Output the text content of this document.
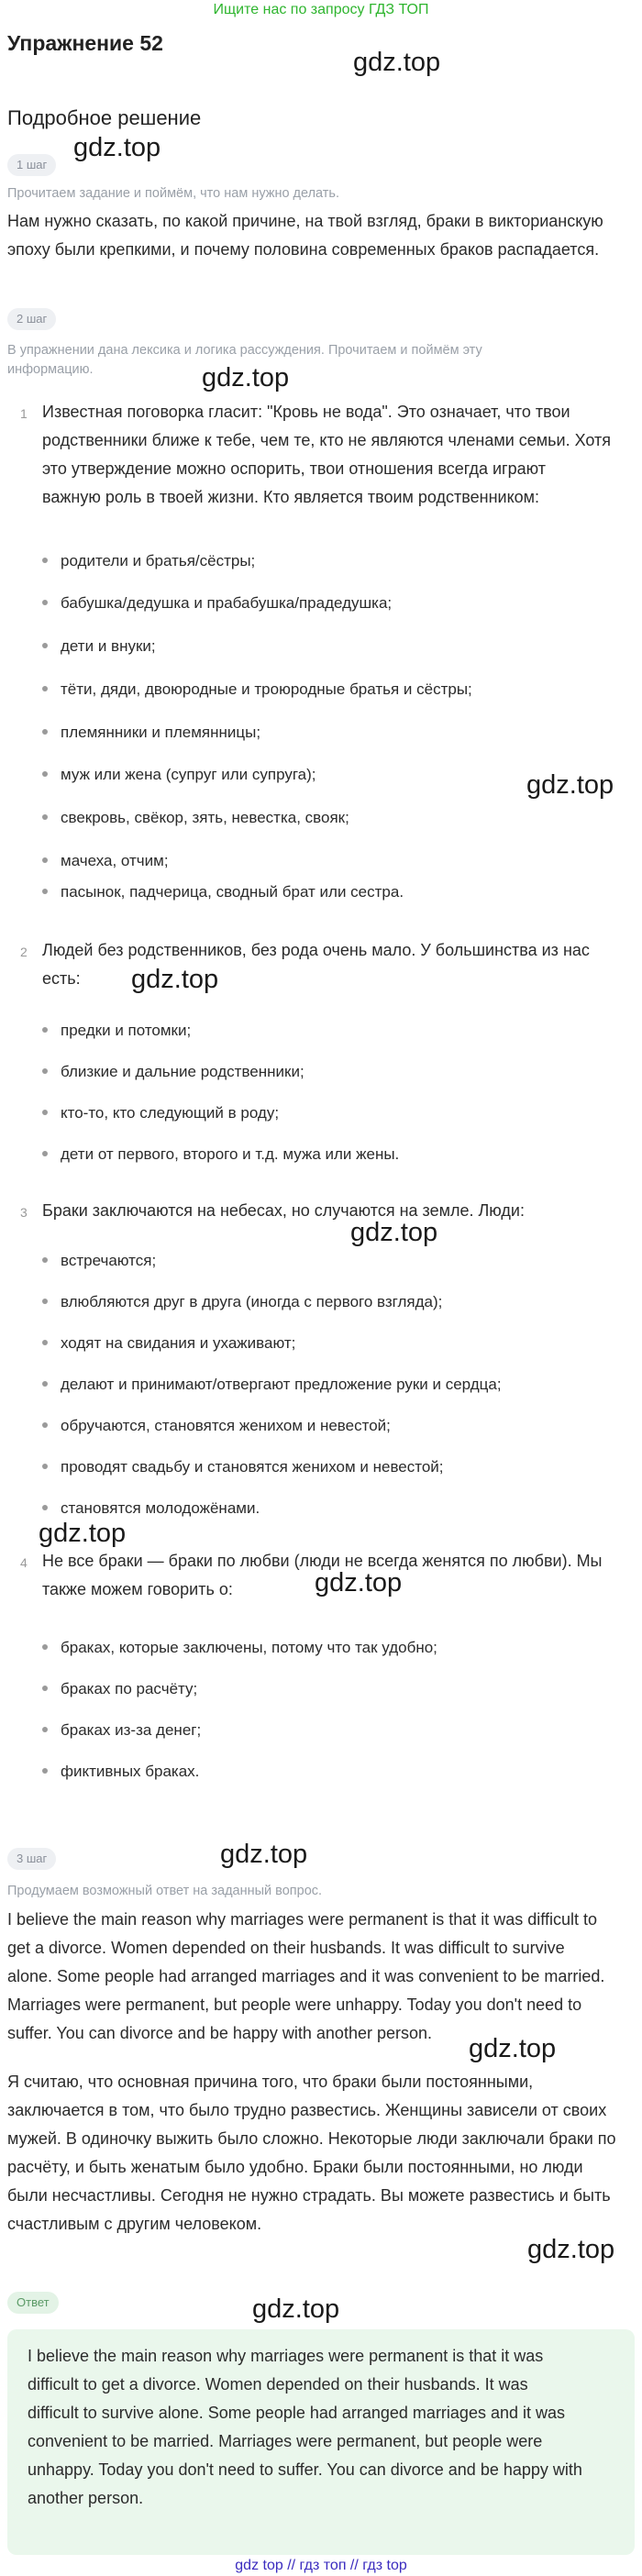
Ищите нас по запросу ГДЗ ТОП
Упражнение 52
gdz.top
Подробное решение
1 шаг
gdz.top
Прочитаем задание и поймём, что нам нужно делать.
Нам нужно сказать, по какой причине, на твой взгляд, браки в викторианскую
эпоху были крепкими, и почему половина современных браков распадается.
2 шаг
В упражнении дана лексика и логика рассуждения. Прочитаем и поймём эту
информацию.	gdz.top
1 Известная поговорка гласит: "Кровь не вода". Это означает, что твои
родственники ближе к тебе, чем те, кто не являются членами семьи. Хотя
это утверждение можно оспорить, твои отношения всегда играют
важную роль в твоей жизни. Кто является твоим родственником:
родители и братья/сёстры;
бабушка/дедушка и прабабушка/прадедушка;
дети и внуки;
тёти, дяди, двоюродные и троюродные братья и сёстры;
племянники и племянницы;
муж или жена (супруг или супруга);	gdz.top
свекровь, свёкор, зять, невестка, свояк;
мачеха, отчим;
пасынок, падчерица, сводный брат или сестра.
2 Людей без родственников, без рода очень мало. У большинства из нас
есть:	gdz.top
предки и потомки;
близкие и дальние родственники;
кто-то, кто следующий в роду;
дети от первого, второго и т.д. мужа или жены.
3 Браки заключаются на небесах, но случаются на земле. Люди:
gdz.top
встречаются;
влюбляются друг в друга (иногда с первого взгляда);
ходят на свидания и ухаживают;
делают и принимают/отвергают предложение руки и сердца;
обручаются, становятся женихом и невестой;
проводят свадьбу и становятся женихом и невестой;
становятся молодожёнами.
gdz.top
4 Не все браки — браки по любви (люди не всегда женятся по любви). Мы
также можем говорить о:	gdz.top
браках, которые заключены, потому что так удобно;
браках по расчёту;
браках из-за денег;
фиктивных браках.
gdz.top
3 шаг
Продумаем возможный ответ на заданный вопрос.
I believe the main reason why marriages were permanent is that it was difficult to
get a divorce. Women depended on their husbands. It was difficult to survive
alone. Some people had arranged marriages and it was convenient to be married.
Marriages were permanent, but people were unhappy. Today you don't need to
suffer. You can divorce and be happy with another person.
gdz.top
Я считаю, что основная причина того, что браки были постоянными,
заключается в том, что было трудно развестись. Женщины зависели от своих
мужей. В одиночку выжить было сложно. Некоторые люди заключали браки по
расчёту, и быть женатым было удобно. Браки были постоянными, но люди
были несчастливы. Сегодня не нужно страдать. Вы можете развестись и быть
счастливым с другим человеком.
gdz.top
Ответ	gdz.top
I believe the main reason why marriages were permanent is that it was
difficult to get a divorce. Women depended on their husbands. It was
difficult to survive alone. Some people had arranged marriages and it was
convenient to be married. Marriages were permanent, but people were
unhappy. Today you don't need to suffer. You can divorce and be happy with
another person.
gdz top // гдз топ // гдз top
